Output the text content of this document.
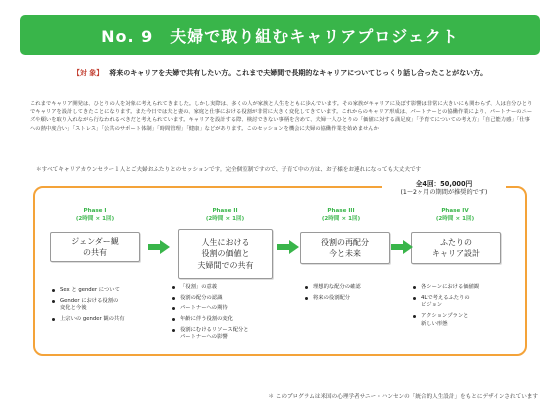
No. 9　夫婦で取り組むキャリアプロジェクト
【対 象】 将来のキャリアを夫婦で共有したい方。これまで夫婦間で長期的なキャリアについてじっくり話し合ったことがない方。

これまでキャリア開発は、ひとりの人を対象に考えられてきました。しかし実際は、多くの人が家族と人生をともに歩んでいます。その家族がキャリアに及ぼす影響は非常に大きいにも関わらず、人は自分ひとりでキャリアを設計してきたことになります。また今日では夫と妻の、家庭と仕事における役割が非常に大きく変化してきています。これからのキャリア形成は、パートナーとの協働作業により、パートナーのニーズや願いを取り入れながら行なわれるべきだと考えられています。キャリアを設計する際、検討できない事柄を含めて、夫婦一人ひとりの「価値に対する満足度」「予育てについての考え方」「自己能力感」「仕事への熱中度合い」「ストレス」「公共のサポート体制」「時間管理」「健康」などがあります。このセッションを機会に夫婦の協働作業を始めませんか

＊すべてキャリアカウンセラー１人とご夫婦おふたりとのセッションです。完全個室制ですので、子育て中の方は、お子様をお連れになっても大丈夫です

全4回：50,000円
(1〜2ヶ月の期間が推奨的です)
Phase I
(2時間 × 1回)
Phase II
(2時間 × 1回)
Phase III
(2時間 × 1回)
Phase IV
(2時間 × 1回)
ジェンダー観
の共有
人生における
役割の価値と
夫婦間での共有
役割の再配分
今と未来
ふたりの
キャリア設計
Sex と gender について
Gender における役割の
変化と今後
上宗いの gender 観の共有
「役割」の意義
役割の配分の認識
パートナーへの期待
年齢に伴う役割の変化
役割にむけるリソース配分と
パートナーへの影響
理想的な配分の確認
将来の役割配分
各シーンにおける価値観
4Lで考えるふたりの
ビジョン
アクションプランと
新しい形態

＊ このプログラムは米国の心理学者サニー・ハンセンの「統合的人生設計」をもとにデザインされています
